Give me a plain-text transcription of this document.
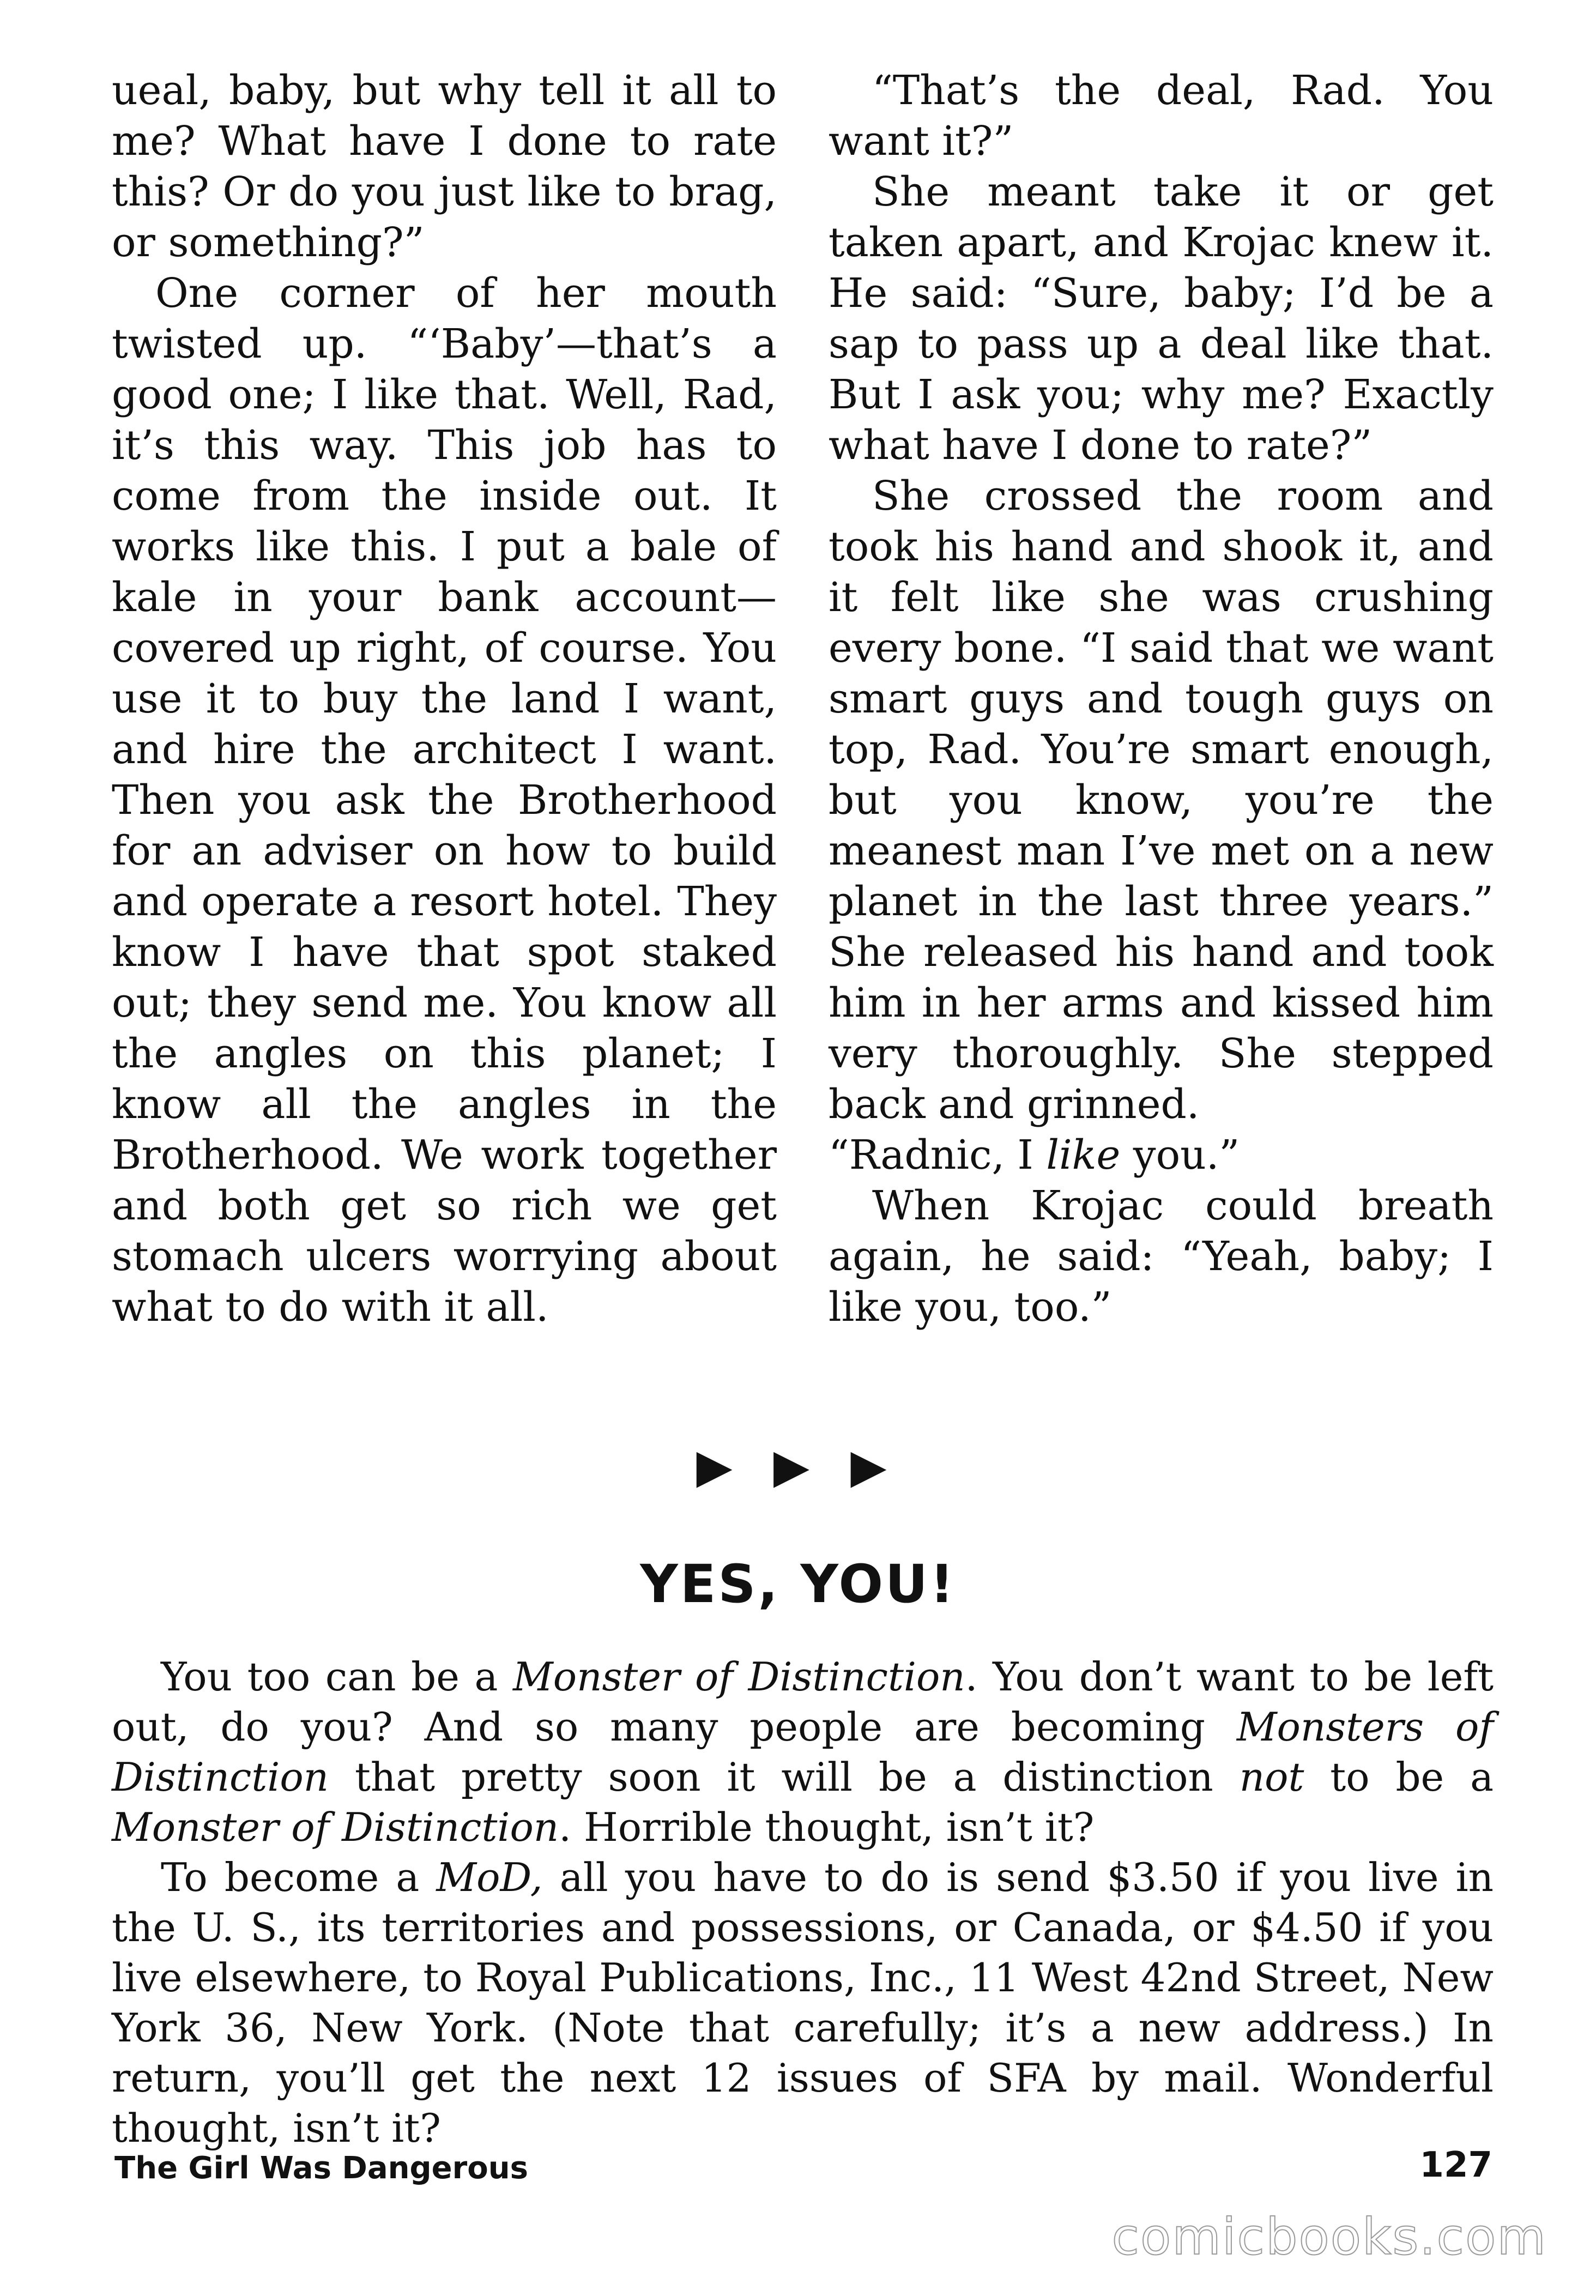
ueal, baby, but why tell it all to me? What have I done to rate this? Or do you just like to brag, or something?”

One corner of her mouth twisted up. “‘Baby’—that’s a good one; I like that. Well, Rad, it’s this way. This job has to come from the inside out. It works like this. I put a bale of kale in your bank account—covered up right, of course. You use it to buy the land I want, and hire the architect I want. Then you ask the Brotherhood for an adviser on how to build and operate a resort hotel. They know I have that spot staked out; they send me. You know all the angles on this planet; I know all the angles in the Brotherhood. We work together and both get so rich we get stomach ulcers worrying about what to do with it all.

“That’s the deal, Rad. You want it?”

She meant take it or get taken apart, and Krojac knew it. He said: “Sure, baby; I’d be a sap to pass up a deal like that. But I ask you; why me? Exactly what have I done to rate?”

She crossed the room and took his hand and shook it, and it felt like she was crushing every bone. “I said that we want smart guys and tough guys on top, Rad. You’re smart enough, but you know, you’re the meanest man I’ve met on a new planet in the last three years.” She released his hand and took him in her arms and kissed him very thoroughly. She stepped back and grinned.

“Radnic, I like you.”

When Krojac could breath again, he said: “Yeah, baby; I like you, too.”

▶ ▶ ▶
YES, YOU!

You too can be a Monster of Distinction. You don’t want to be left out, do you? And so many people are becoming Monsters of Distinction that pretty soon it will be a distinction not to be a Monster of Distinction. Horrible thought, isn’t it?

To become a MoD, all you have to do is send $3.50 if you live in the U. S., its territories and possessions, or Canada, or $4.50 if you live elsewhere, to Royal Publications, Inc., 11 West 42nd Street, New York 36, New York. (Note that carefully; it’s a new address.) In return, you’ll get the next 12 issues of SFA by mail. Wonderful thought, isn’t it?

The Girl Was Dangerous	127
comicbooks.com
